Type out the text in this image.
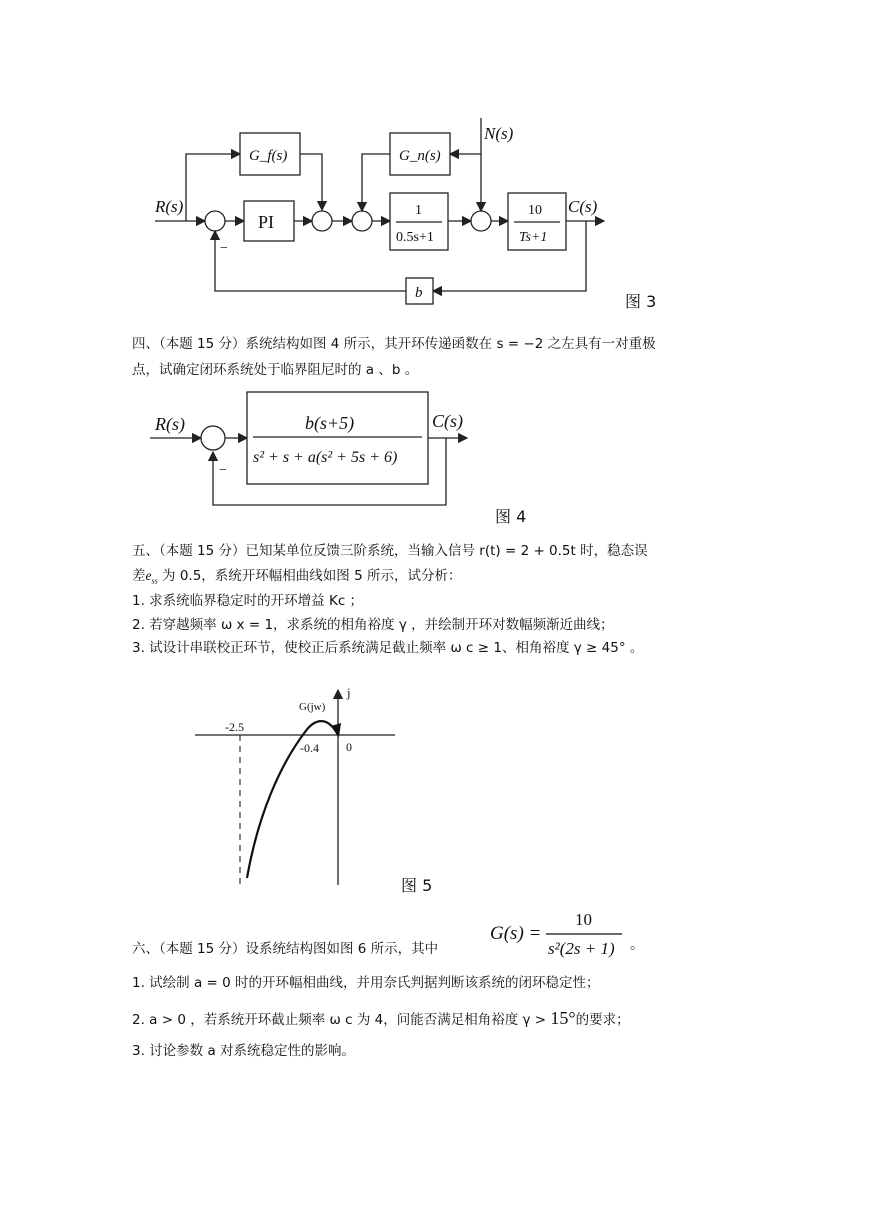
R(s)
−
G_f(s)
PI
1
0.5s+1
N(s)
G_n(s)
10
Ts+1
C(s)
b	图 3
四、（本题 15 分）系统结构如图 4 所示，其开环传递函数在 s = −2 之左具有一对重极
点，试确定闭环系统处于临界阻尼时的 a 、b 。
R(s)
−
b(s+5)
s² + s + a(s² + 5s + 6)
C(s)
图 4
五、（本题 15 分）已知某单位反馈三阶系统，当输入信号 r(t) = 2 + 0.5t 时，稳态误
差$e_{ss}$ 为 0.5，系统开环幅相曲线如图 5 所示，试分析：
1. 求系统临界稳定时的开环增益 Kc ；
2. 若穿越频率 ω x = 1，求系统的相角裕度 γ ，并绘制开环对数幅频渐近曲线；
3. 试设计串联校正环节，使校正后系统满足截止频率 ω c ≥ 1、相角裕度 γ ≥ 45° 。
j
0
-2.5
-0.4
G(jw)
图 5
六、（本题 15 分）设系统结构图如图 6 所示，其中
G(s) =
10
s²(2s + 1) 。
1. 试绘制 a = 0 时的开环幅相曲线，并用奈氏判据判断该系统的闭环稳定性；
2. a > 0 ，若系统开环截止频率 ω c 为 4，问能否满足相角裕度 γ > 15°的要求；
3. 讨论参数 a 对系统稳定性的影响。
